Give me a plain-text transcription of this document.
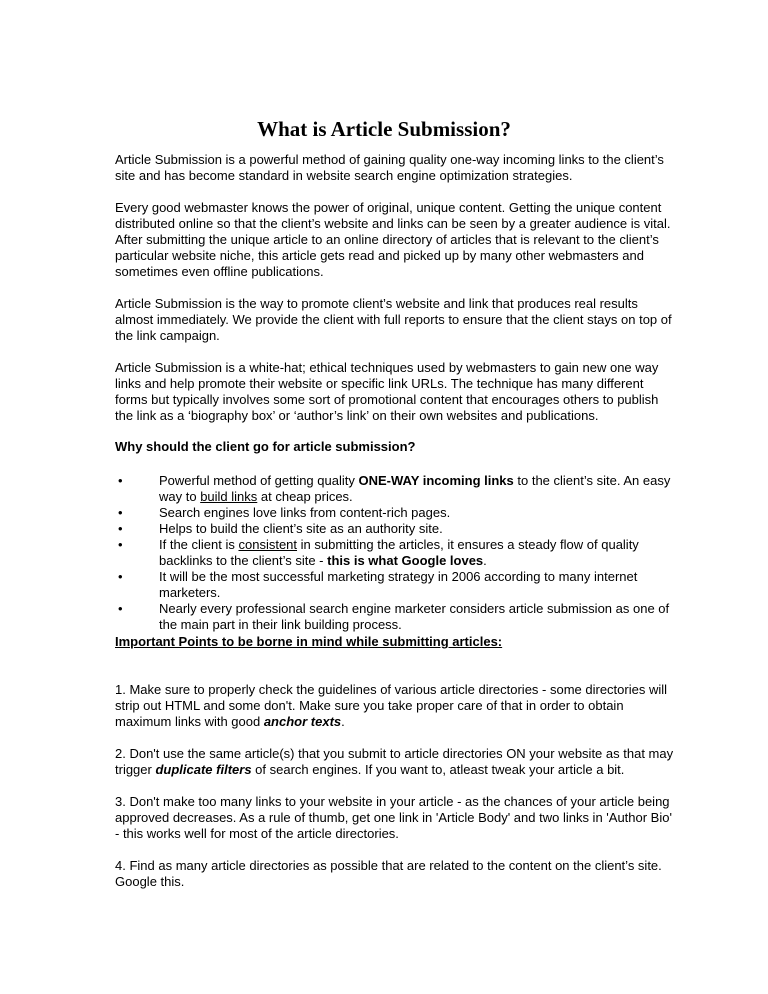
What is Article Submission?

Article Submission is a powerful method of gaining quality one-way incoming links to the client’s site and has become standard in website search engine optimization strategies.

Every good webmaster knows the power of original, unique content. Getting the unique content distributed online so that the client’s website and links can be seen by a greater audience is vital. After submitting the unique article to an online directory of articles that is relevant to the client’s particular website niche, this article gets read and picked up by many other webmasters and sometimes even offline publications.

Article Submission is the way to promote client’s website and link that produces real results almost immediately. We provide the client with full reports to ensure that the client stays on top of the link campaign.

Article Submission is a white-hat; ethical techniques used by webmasters to gain new one way links and help promote their website or specific link URLs. The technique has many different forms but typically involves some sort of promotional content that encourages others to publish the link as a ‘biography box’ or ‘author’s link’ on their own websites and publications.

Why should the client go for article submission?

•	Powerful method of getting quality ONE-WAY incoming links to the client’s site. An easy way to build links at cheap prices.
•	Search engines love links from content-rich pages.
•	Helps to build the client’s site as an authority site.
•	If the client is consistent in submitting the articles, it ensures a steady flow of quality backlinks to the client’s site - this is what Google loves.
•	It will be the most successful marketing strategy in 2006 according to many internet marketers.
•	Nearly every professional search engine marketer considers article submission as one of the main part in their link building process.

Important Points to be borne in mind while submitting articles:

1. Make sure to properly check the guidelines of various article directories - some directories will strip out HTML and some don't. Make sure you take proper care of that in order to obtain maximum links with good anchor texts.

2. Don't use the same article(s) that you submit to article directories ON your website as that may trigger duplicate filters of search engines. If you want to, atleast tweak your article a bit.

3. Don't make too many links to your website in your article - as the chances of your article being approved decreases. As a rule of thumb, get one link in 'Article Body' and two links in 'Author Bio' - this works well for most of the article directories.

4. Find as many article directories as possible that are related to the content on the client’s site. Google this.
